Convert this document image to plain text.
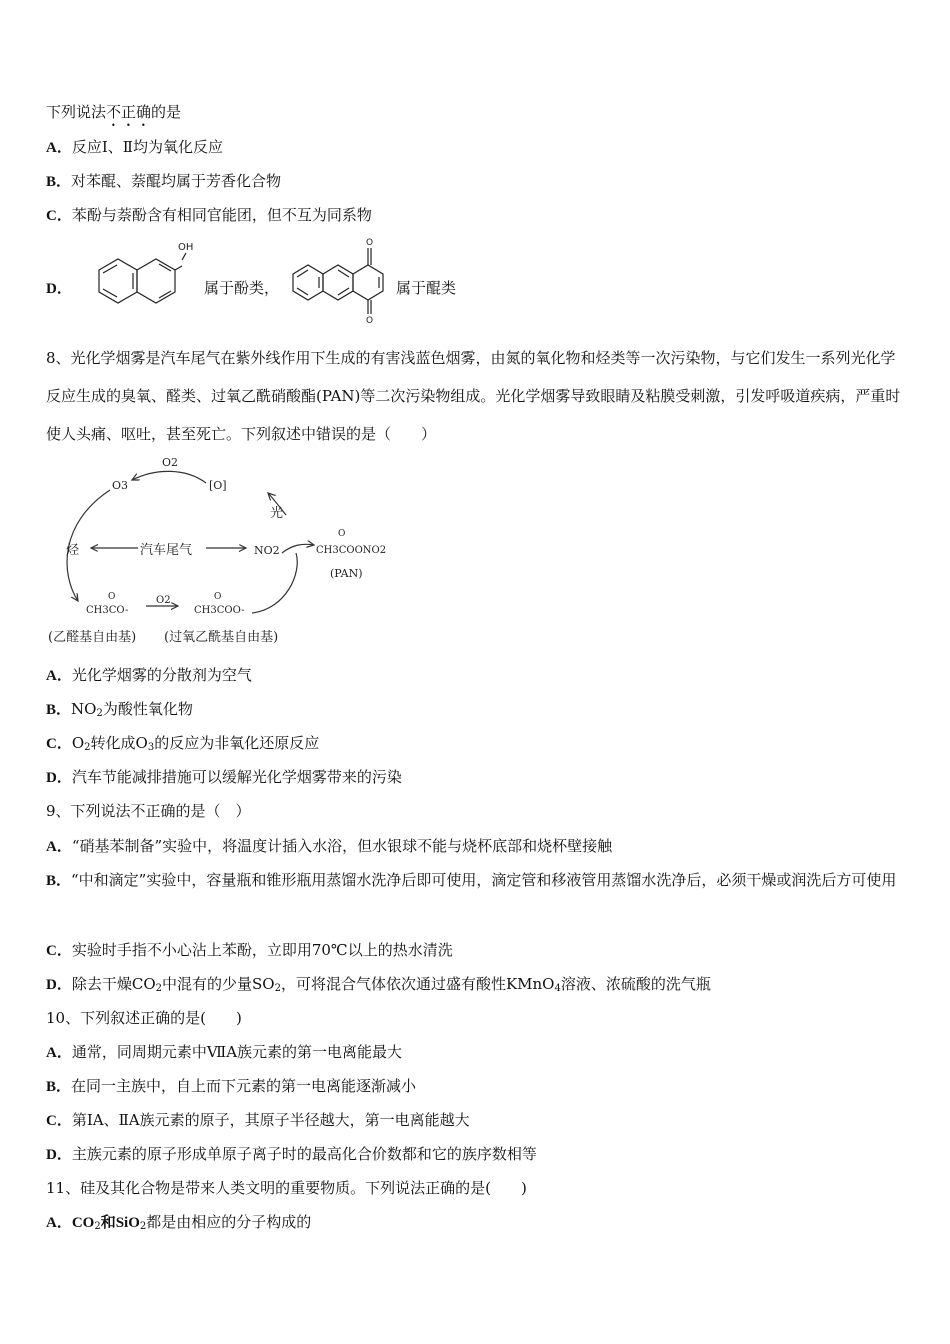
下列说法不正确的是
A．反应Ⅰ、Ⅱ均为氧化反应
B．对苯醌、萘醌均属于芳香化合物
C．苯酚与萘酚含有相同官能团，但不互为同系物
D．
OH	O
O
属于酚类，	属于醌类
8、光化学烟雾是汽车尾气在紫外线作用下生成的有害浅蓝色烟雾，由氮的氧化物和烃类等一次污染物，与它们发生一系列光化学反应生成的臭氧、醛类、过氧乙酰硝酸酯(PAN)等二次污染物组成。光化学烟雾导致眼睛及粘膜受刺激，引发呼吸道疾病，严重时使人头痛、呕吐，甚至死亡。下列叙述中错误的是（　　）
O2
O3	[O]
光
烃	汽车尾气	NO2
O
CH3COONO2
(PAN)
O
CH3CO-
O2	O
CH3COO-
(乙醛基自由基) (过氧乙酰基自由基)
A．光化学烟雾的分散剂为空气
B．$NO_2$为酸性氧化物
C．$O_2$转化成$O_3$的反应为非氧化还原反应
D．汽车节能减排措施可以缓解光化学烟雾带来的污染
9、下列说法不正确的是（　）
A．“硝基苯制备”实验中，将温度计插入水浴，但水银球不能与烧杯底部和烧杯壁接触
B．“中和滴定”实验中，容量瓶和锥形瓶用蒸馏水洗净后即可使用，滴定管和移液管用蒸馏水洗净后，必须干燥或润洗后方可使用
C．实验时手指不小心沾上苯酚，立即用70℃以上的热水清洗
D．除去干燥$CO_2$中混有的少量$SO_2$，可将混合气体依次通过盛有酸性KMnO$_4$溶液、浓硫酸的洗气瓶
10、下列叙述正确的是(　　)
A．通常，同周期元素中ⅦA族元素的第一电离能最大
B．在同一主族中，自上而下元素的第一电离能逐渐减小
C．第ⅠA、ⅡA族元素的原子，其原子半径越大，第一电离能越大
D．主族元素的原子形成单原子离子时的最高化合价数都和它的族序数相等
11、硅及其化合物是带来人类文明的重要物质。下列说法正确的是(　　)
A．$CO_2$和SiO$_2$都是由相应的分子构成的
